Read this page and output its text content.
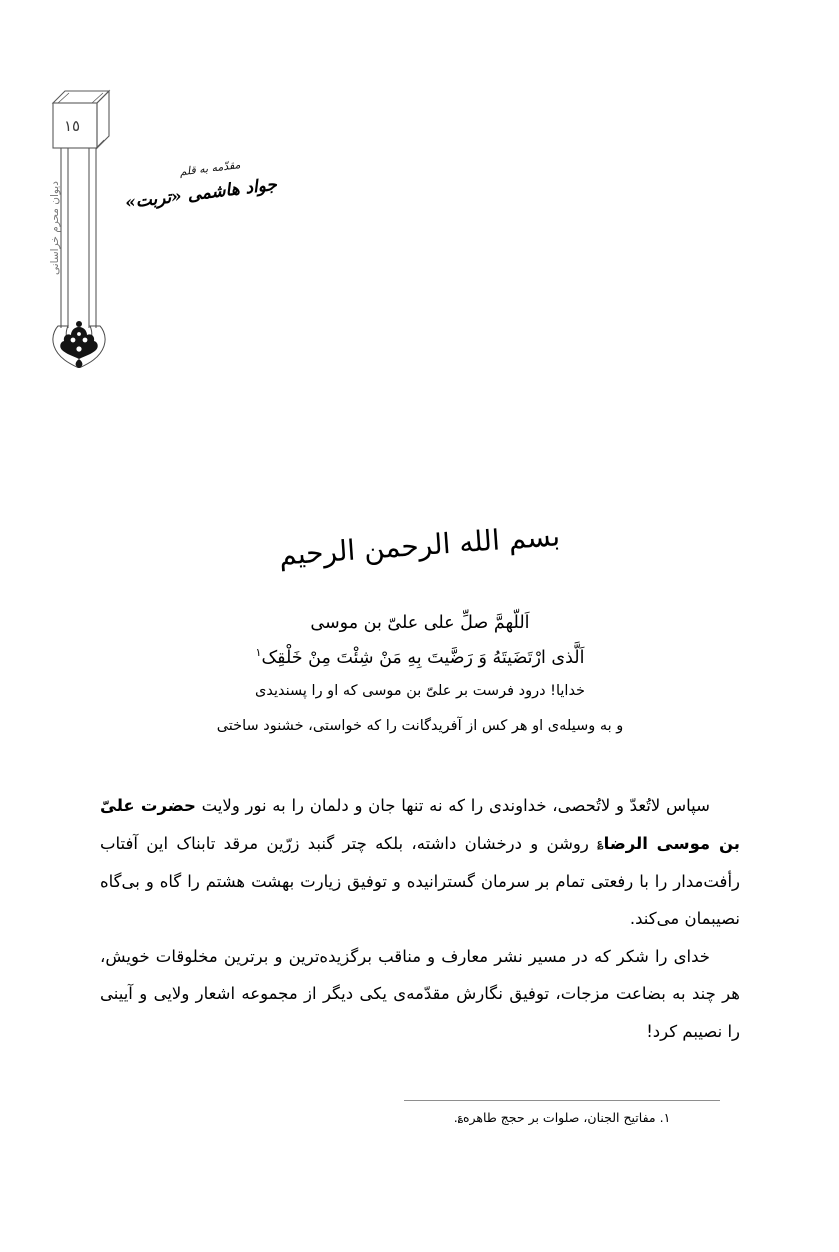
١٥
دیوان محرم خراسانی
مقدّمه به قلم
جواد هاشمی «تربت»
بسم الله الرحمن الرحیم
اَللّهمَّ صلِّ علی علیّ بن موسی
اَلَّذی ارْتَضَیتَهُ وَ رَضَّیتَ بِهِ مَنْ شِئْتَ مِنْ خَلْقِک$^١$
خدایا! درود فرست بر علیّ بن موسی که او را پسندیدی
و به وسیله‌ی او هر کس از آفریدگانت را که خواستی، خشنود ساختی

سپاس لاتُعدّ و لاتُحصی، خداوندی را که نه تنها جان و دلمان را به نور ولایت حضرت علیّ بن موسی الرضا؏ روشن و درخشان داشته، بلکه چتر گنبد زرّین مرقد تابناک این آفتاب رأفت‌مدار را با رفعتی تمام بر سرمان گسترانیده و توفیق زیارت بهشت هشتم را گاه و بی‌گاه نصیبمان می‌کند.

خدای را شکر که در مسیر نشر معارف و مناقب برگزیده‌ترین و برترین مخلوقات خویش، هر چند به بضاعت مزجات، توفیق نگارش مقدّمه‌ی یکی دیگر از مجموعه اشعار ولایی و آیینی را نصیبم کرد!

١. مفاتیح الجنان، صلوات بر حجج طاهره؏.
